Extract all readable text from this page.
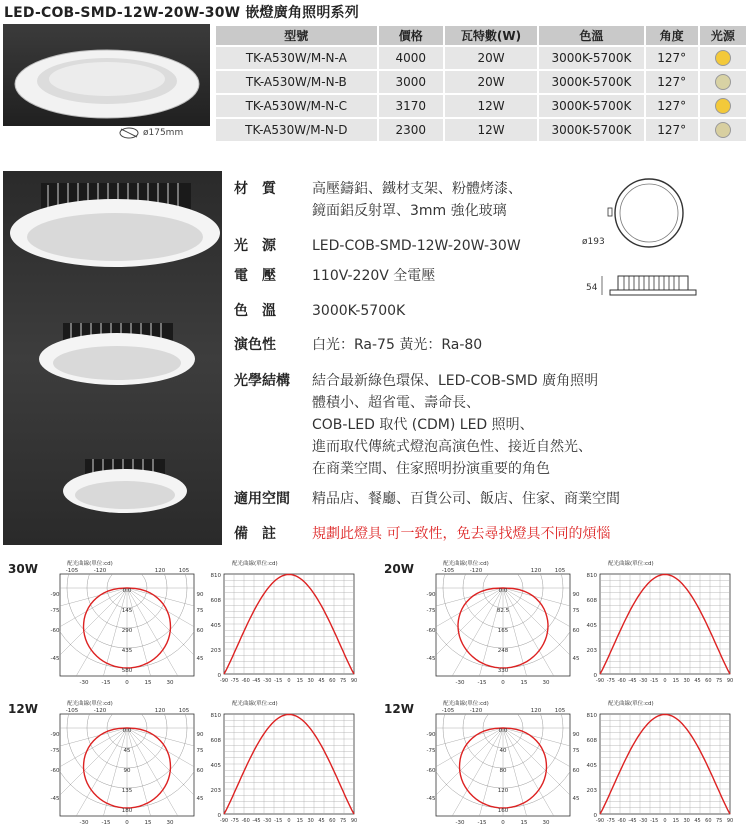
LED-COB-SMD-12W-20W-30W 嵌燈廣角照明系列
型號	價格	瓦特數(W)	色溫	角度	光源
TK-A530W/M-N-A	4000	20W	3000K-5700K	127°	
TK-A530W/M-N-B	3000	20W	3000K-5700K	127°	
TK-A530W/M-N-C	3170	12W	3000K-5700K	127°	
TK-A530W/M-N-D	2300	12W	3000K-5700K	127°	
ø175mm
ø193
54
材　質	高壓鑄鋁、鐵材支架、粉體烤漆、
鏡面鋁反射罩、3mm 強化玻璃
光　源	LED-COB-SMD-12W-20W-30W
電　壓	110V-220V 全電壓
色　溫	3000K-5700K
演色性	白光：Ra-75 黃光：Ra-80
光學結構 結合最新綠色環保、LED-COB-SMD 廣角照明
體積小、超省電、壽命長、
COB-LED 取代 (CDM) LED 照明、
進而取代傳統式燈泡高演色性、接近自然光、
在商業空間、住家照明扮演重要的角色
適用空間 精品店、餐廳、百貨公司、飯店、住家、商業空間
備　註	規劃此燈具 可一致性，免去尋找燈具不同的煩惱
30W	配光曲線(單位:cd)
0.0
145
290
435
580
-105	-120	120 105
-90
-75
-60
-45
90
75
60
45
-30 -15	0	15	30
配光曲線(單位:cd)
810
608
405
203
0
-90 -75 -60 -45 -30 -15 0 15 30 45 60 75 90
20W	配光曲線(單位:cd)
0.0
82.5
165
248
330
-105	-120	120 105
-90
-75
-60
-45
90
75
60
45
-30 -15	0	15	30
配光曲線(單位:cd)
810
608
405
203
0
-90 -75 -60 -45 -30 -15 0 15 30 45 60 75 90
12W	配光曲線(單位:cd)
0.0
45
90
135
180
-105	-120	120 105
-90
-75
-60
-45
90
75
60
45
-30 -15	0	15	30
配光曲線(單位:cd)
810
608
405
203
0
-90 -75 -60 -45 -30 -15 0 15 30 45 60 75 90
12W	配光曲線(單位:cd)
0.0
40
80
120
160
-105	-120	120 105
-90
-75
-60
-45
90
75
60
45
-30 -15	0	15	30
配光曲線(單位:cd)
810
608
405
203
0
-90 -75 -60 -45 -30 -15 0 15 30 45 60 75 90
